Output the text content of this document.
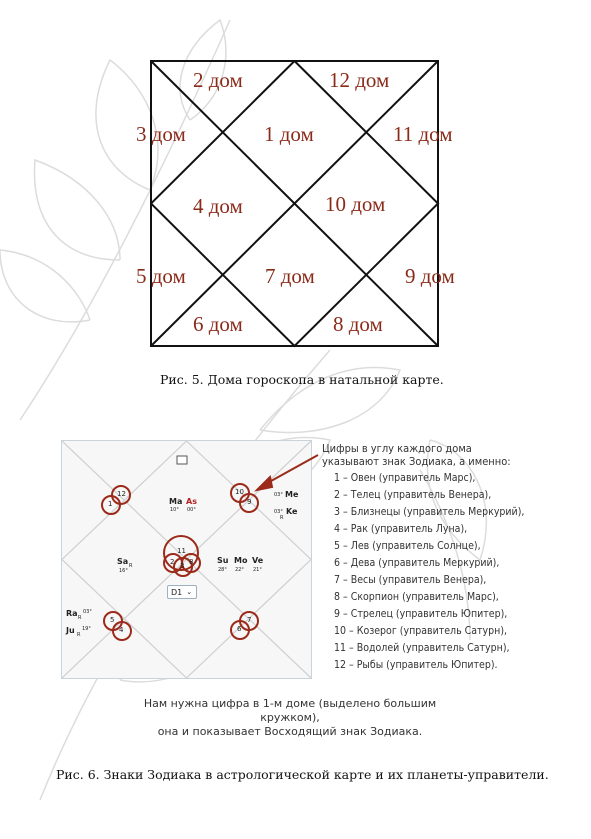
2 дом	12 дом
3 дом	1 дом	11 дом
4 дом	10 дом
5 дом	7 дом	9 дом
6 дом	8 дом
Рис. 5. Дома гороскопа в натальной карте.
12
1
10
9
11
2 3 8
5
4
7
6
Ma
10°
As
00°
03° Me
03°
R
Ke
Sa R
16°
Su
28°
Mo
22°
Ve
21°
Ra R
03°
Ju R
19°
D1 ⌄
Цифры в углу каждого дома
указывают знак Зодиака, а именно:
1 – Овен (управитель Марс),
2 – Телец (управитель Венера),
3 – Близнецы (управитель Меркурий),
4 – Рак (управитель Луна),
5 – Лев (управитель Солнце),
6 – Дева (управитель Меркурий),
7 – Весы (управитель Венера),
8 – Скорпион (управитель Марс),
9 – Стрелец (управитель Юпитер),
10 – Козерог (управитель Сатурн),
11 – Водолей (управитель Сатурн),
12 – Рыбы (управитель Юпитер).
Нам нужна цифра в 1-м доме (выделено большим кружком),
она и показывает Восходящий знак Зодиака.
Рис. 6. Знаки Зодиака в астрологической карте и их планеты-управители.
